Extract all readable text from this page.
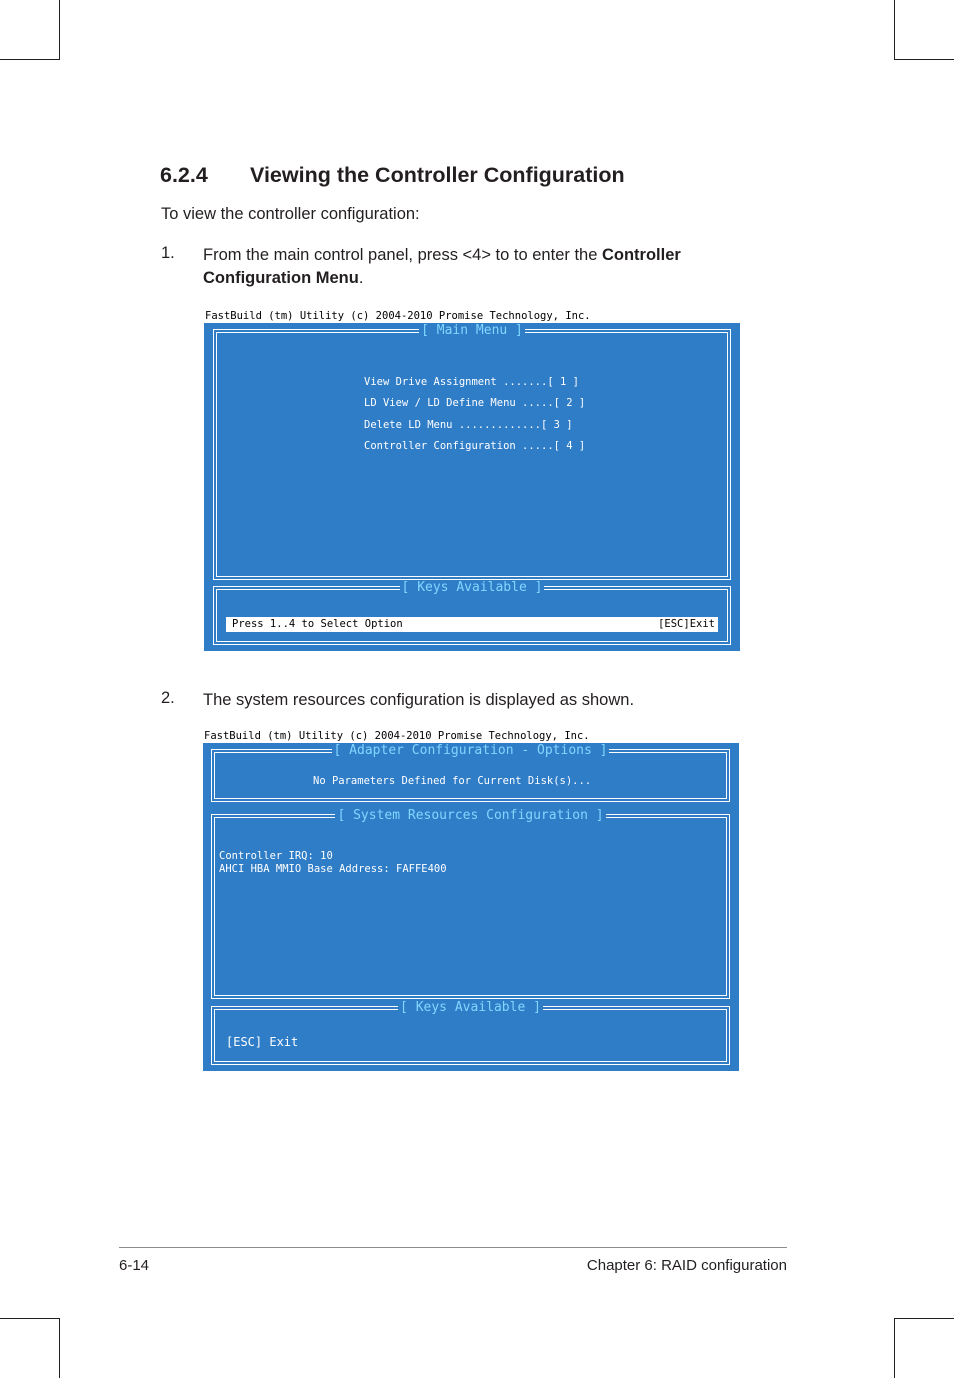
6.2.4 Viewing the Controller Configuration
To view the controller configuration:
1. From the main control panel, press <4> to to enter the Controller
Configuration Menu.
FastBuild (tm) Utility (c) 2004-2010 Promise Technology, Inc.
[ Main Menu ]
View Drive Assignment .......[ 1 ]
LD View / LD Define Menu .....[ 2 ]
Delete LD Menu .............[ 3 ]
Controller Configuration .....[ 4 ]
[ Keys Available ]
Press 1..4 to Select Option	[ESC]Exit
2. The system resources configuration is displayed as shown.
FastBuild (tm) Utility (c) 2004-2010 Promise Technology, Inc.
[ Adapter Configuration - Options ]
No Parameters Defined for Current Disk(s)...
[ System Resources Configuration ]
Controller IRQ: 10
AHCI HBA MMIO Base Address: FAFFE400
[ Keys Available ]
[ESC] Exit
6-14	Chapter 6: RAID configuration
